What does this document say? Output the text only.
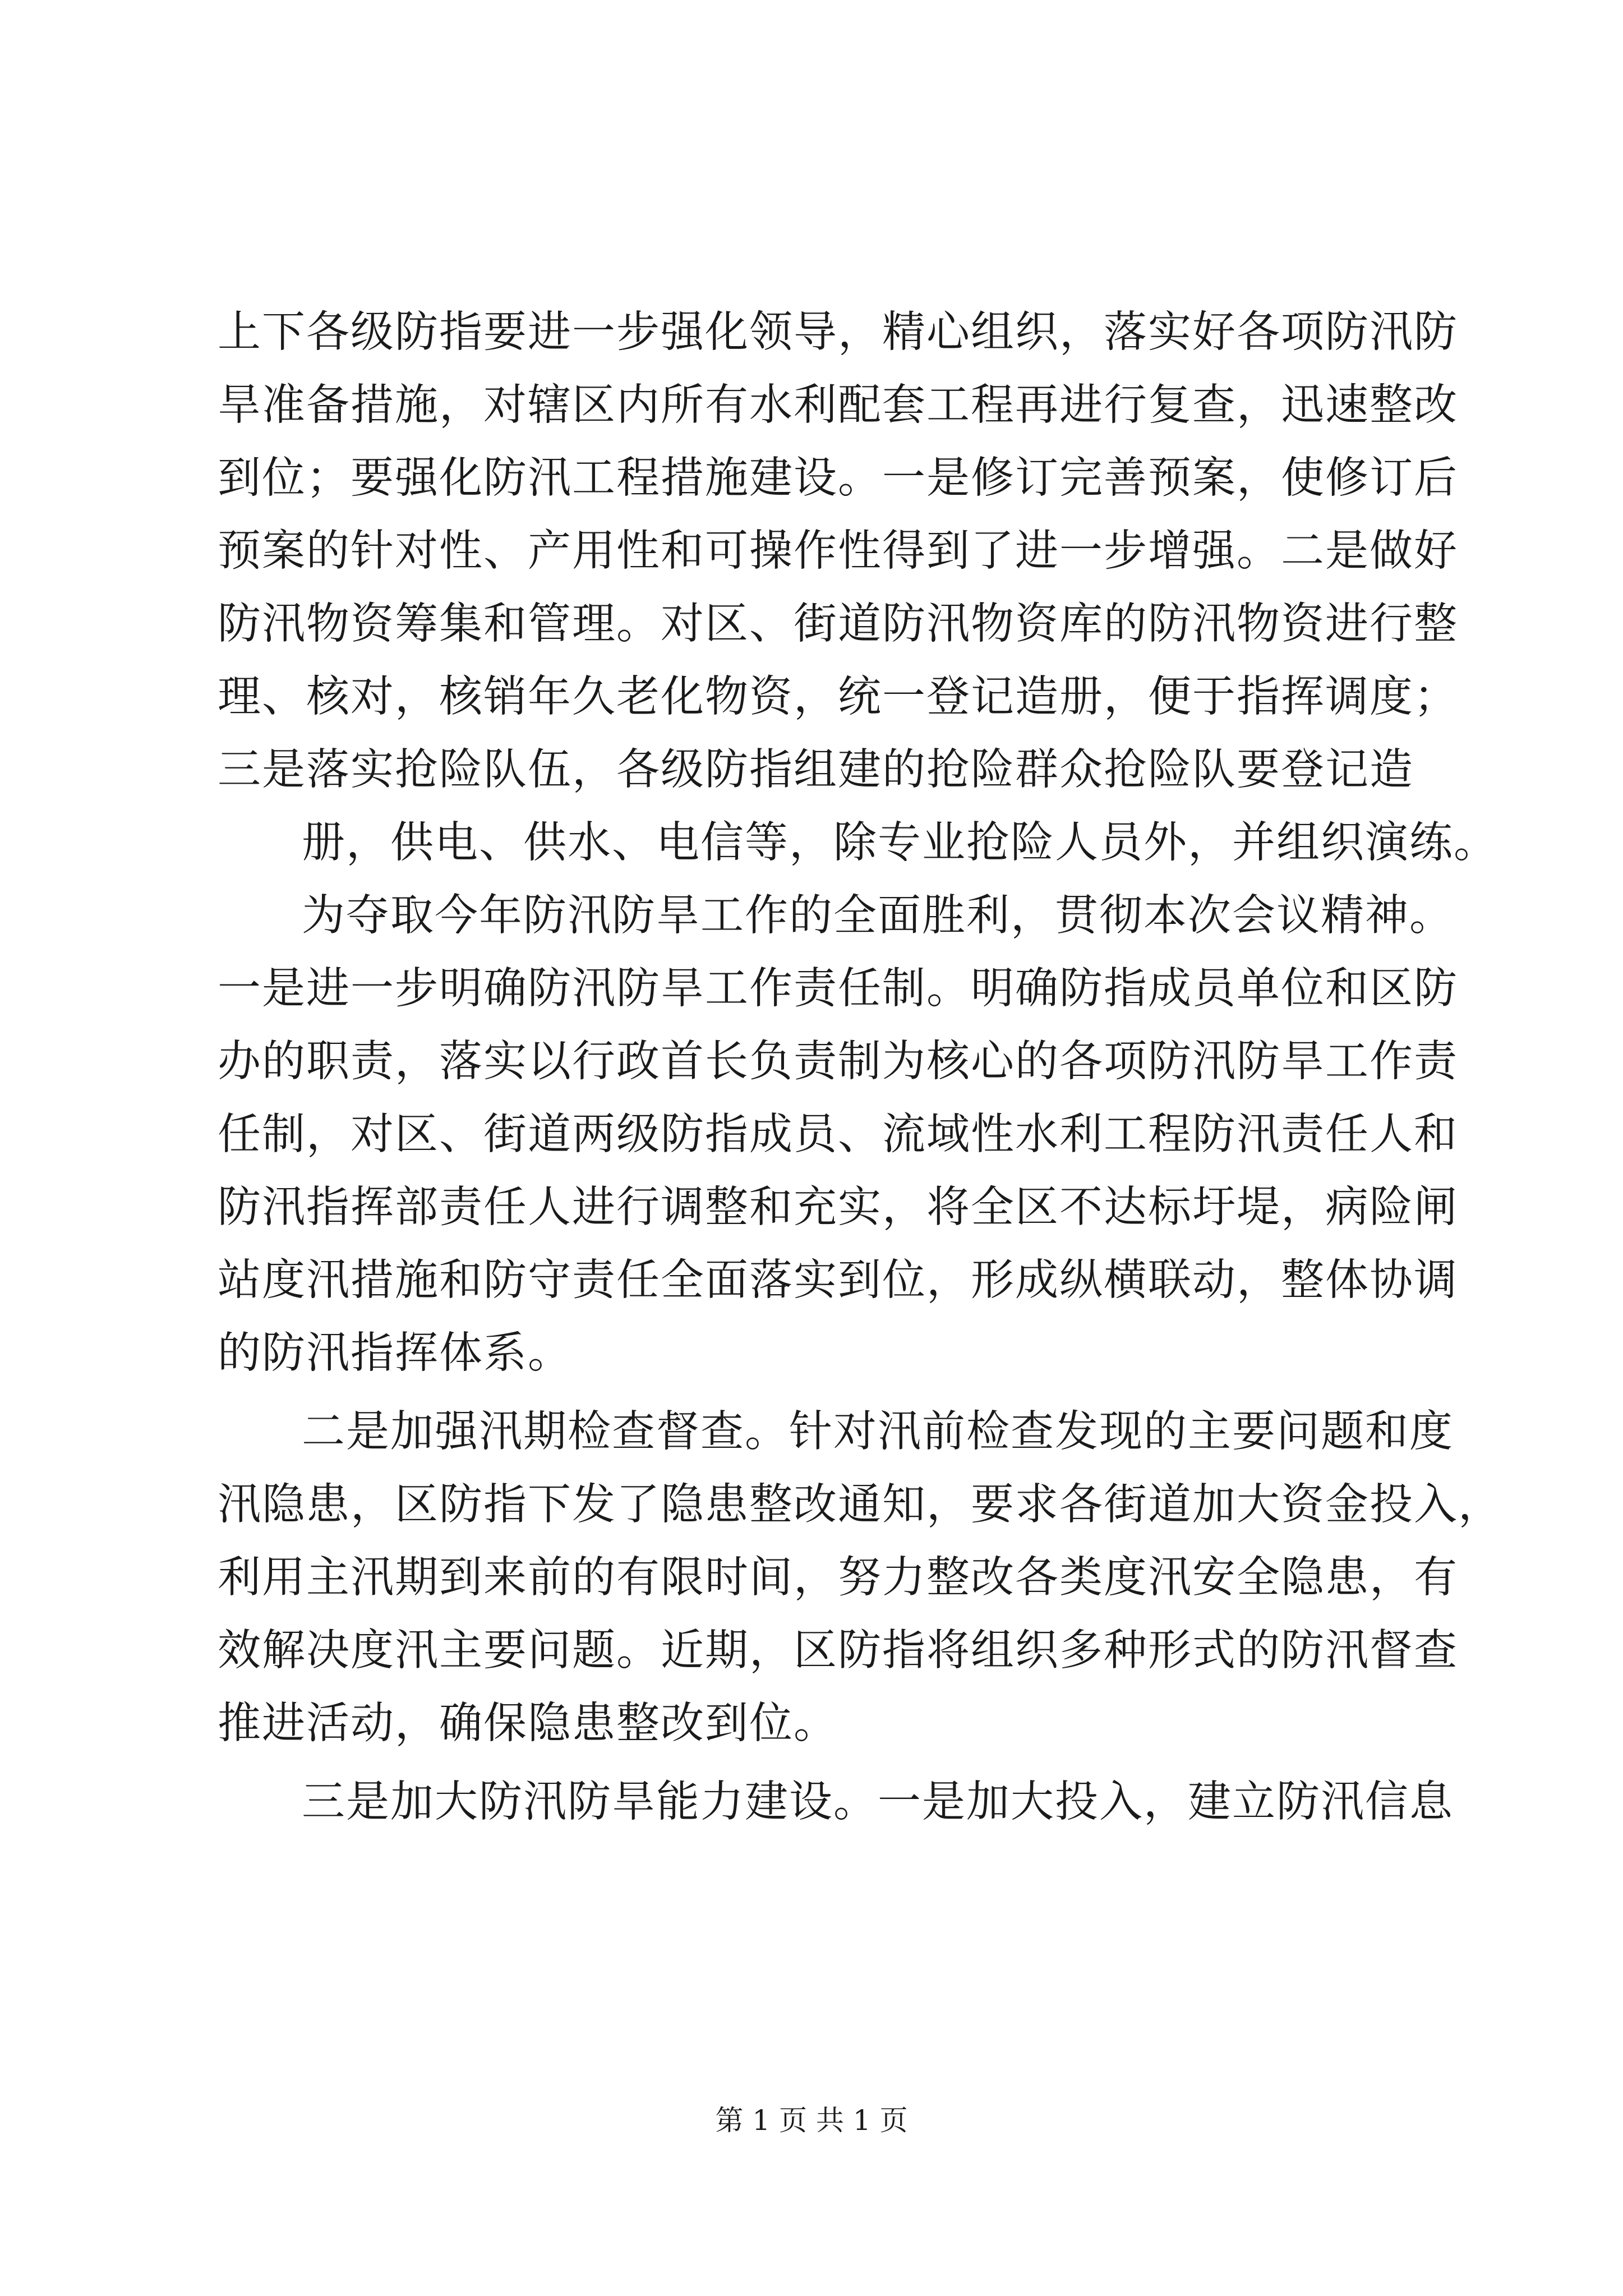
上下各级防指要进一步强化领导，精心组织，落实好各项防汛防
旱准备措施，对辖区内所有水利配套工程再进行复查，迅速整改
到位；要强化防汛工程措施建设。一是修订完善预案，使修订后
预案的针对性、产用性和可操作性得到了进一步增强。二是做好
防汛物资筹集和管理。对区、街道防汛物资库的防汛物资进行整
理、核对，核销年久老化物资，统一登记造册，便于指挥调度；
三是落实抢险队伍，各级防指组建的抢险群众抢险队要登记造
册，供电、供水、电信等，除专业抢险人员外，并组织演练。
为夺取今年防汛防旱工作的全面胜利，贯彻本次会议精神。
一是进一步明确防汛防旱工作责任制。明确防指成员单位和区防
办的职责，落实以行政首长负责制为核心的各项防汛防旱工作责
任制，对区、街道两级防指成员、流域性水利工程防汛责任人和
防汛指挥部责任人进行调整和充实，将全区不达标圩堤，病险闸
站度汛措施和防守责任全面落实到位，形成纵横联动，整体协调
的防汛指挥体系。
二是加强汛期检查督查。针对汛前检查发现的主要问题和度
汛隐患，区防指下发了隐患整改通知，要求各街道加大资金投入，
利用主汛期到来前的有限时间，努力整改各类度汛安全隐患，有
效解决度汛主要问题。近期，区防指将组织多种形式的防汛督查
推进活动，确保隐患整改到位。
三是加大防汛防旱能力建设。一是加大投入，建立防汛信息
第 1 页 共 1 页
